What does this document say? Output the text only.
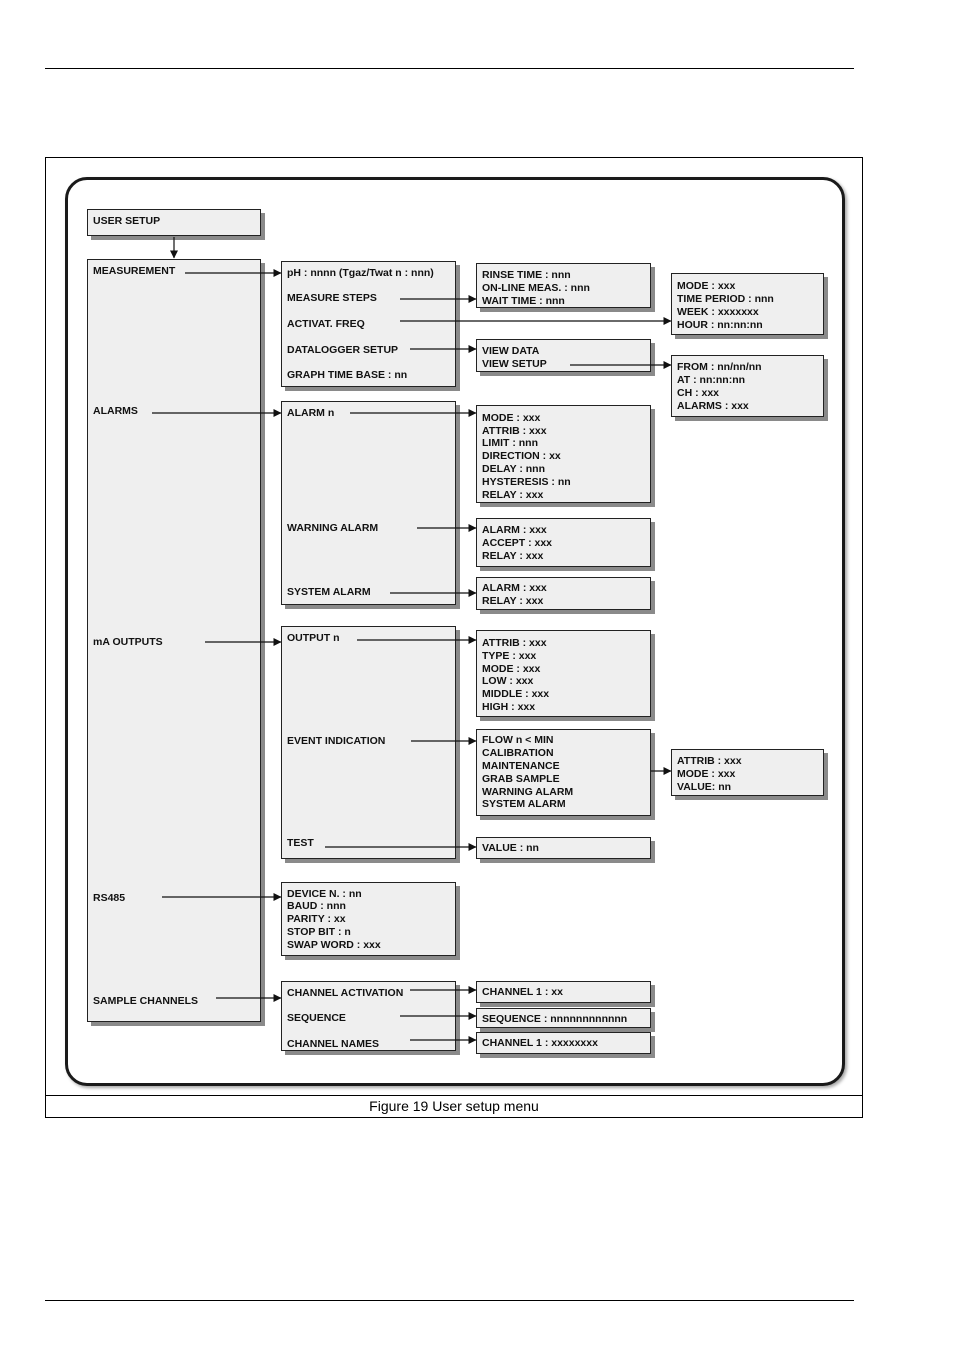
Figure 19 User setup menu
USER SETUP
MEASUREMENT
ALARMS
mA OUTPUTS
RS485
SAMPLE CHANNELS
pH : nnnn (Tgaz/Twat n : nnn)
MEASURE STEPS
ACTIVAT. FREQ
DATALOGGER SETUP
GRAPH TIME BASE : nn
RINSE TIME : nnn
ON-LINE MEAS. : nnn
WAIT TIME : nnn
MODE : xxx
TIME PERIOD : nnn
WEEK : xxxxxxx
HOUR : nn:nn:nn
VIEW DATA
VIEW SETUP	FROM : nn/nn/nn
AT : nn:nn:nn
CH : xxx
ALARMS : xxx
ALARM n
WARNING ALARM
SYSTEM ALARM
MODE : xxx
ATTRIB : xxx
LIMIT : nnn
DIRECTION : xx
DELAY : nnn
HYSTERESIS : nn
RELAY : xxx
ALARM : xxx
ACCEPT : xxx
RELAY : xxx
ALARM : xxx
RELAY : xxx
OUTPUT n
EVENT INDICATION
TEST
ATTRIB : xxx
TYPE : xxx
MODE : xxx
LOW : xxx
MIDDLE : xxx
HIGH : xxx
FLOW n < MIN
CALIBRATION
MAINTENANCE
GRAB SAMPLE
WARNING ALARM
SYSTEM ALARM
ATTRIB : xxx
MODE : xxx
VALUE: nn
VALUE : nn
DEVICE N. : nn
BAUD : nnn
PARITY : xx
STOP BIT : n
SWAP WORD : xxx
CHANNEL ACTIVATION
SEQUENCE
CHANNEL NAMES
CHANNEL 1 : xx
SEQUENCE : nnnnnnnnnnnn
CHANNEL 1 : xxxxxxxx
